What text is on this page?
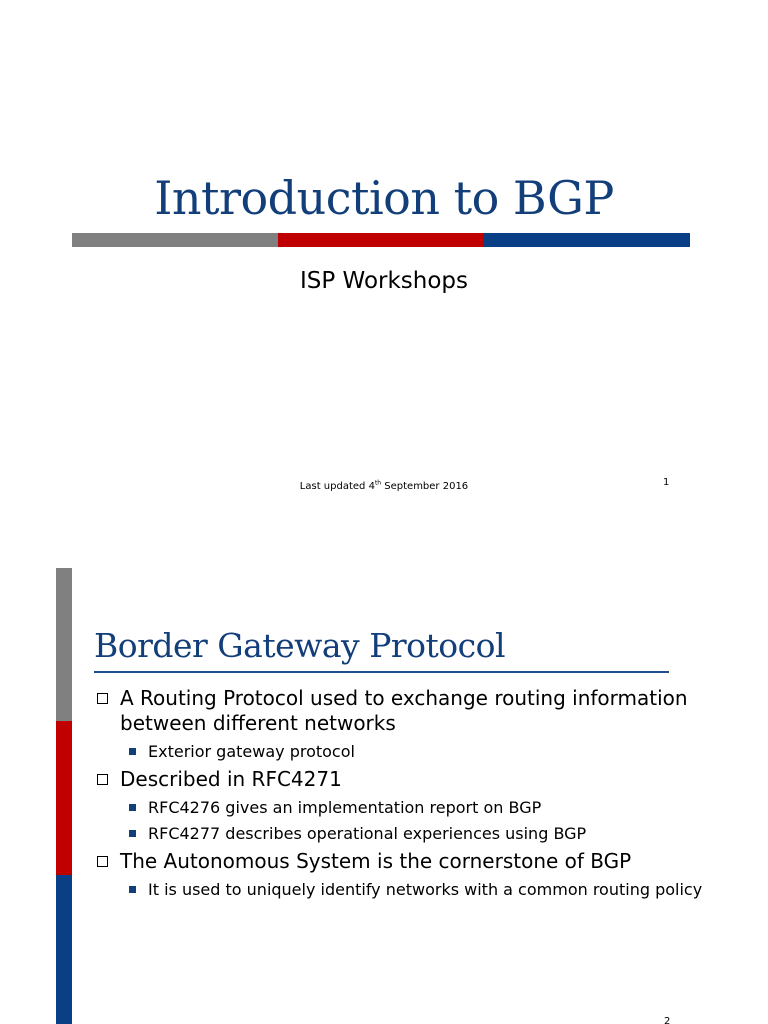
Introduction to BGP
ISP Workshops
Last updated 4th September 2016	1
Border Gateway Protocol
A Routing Protocol used to exchange routing information between different networks
Exterior gateway protocol
Described in RFC4271
RFC4276 gives an implementation report on BGP
RFC4277 describes operational experiences using BGP
The Autonomous System is the cornerstone of BGP
It is used to uniquely identify networks with a common routing policy
2
